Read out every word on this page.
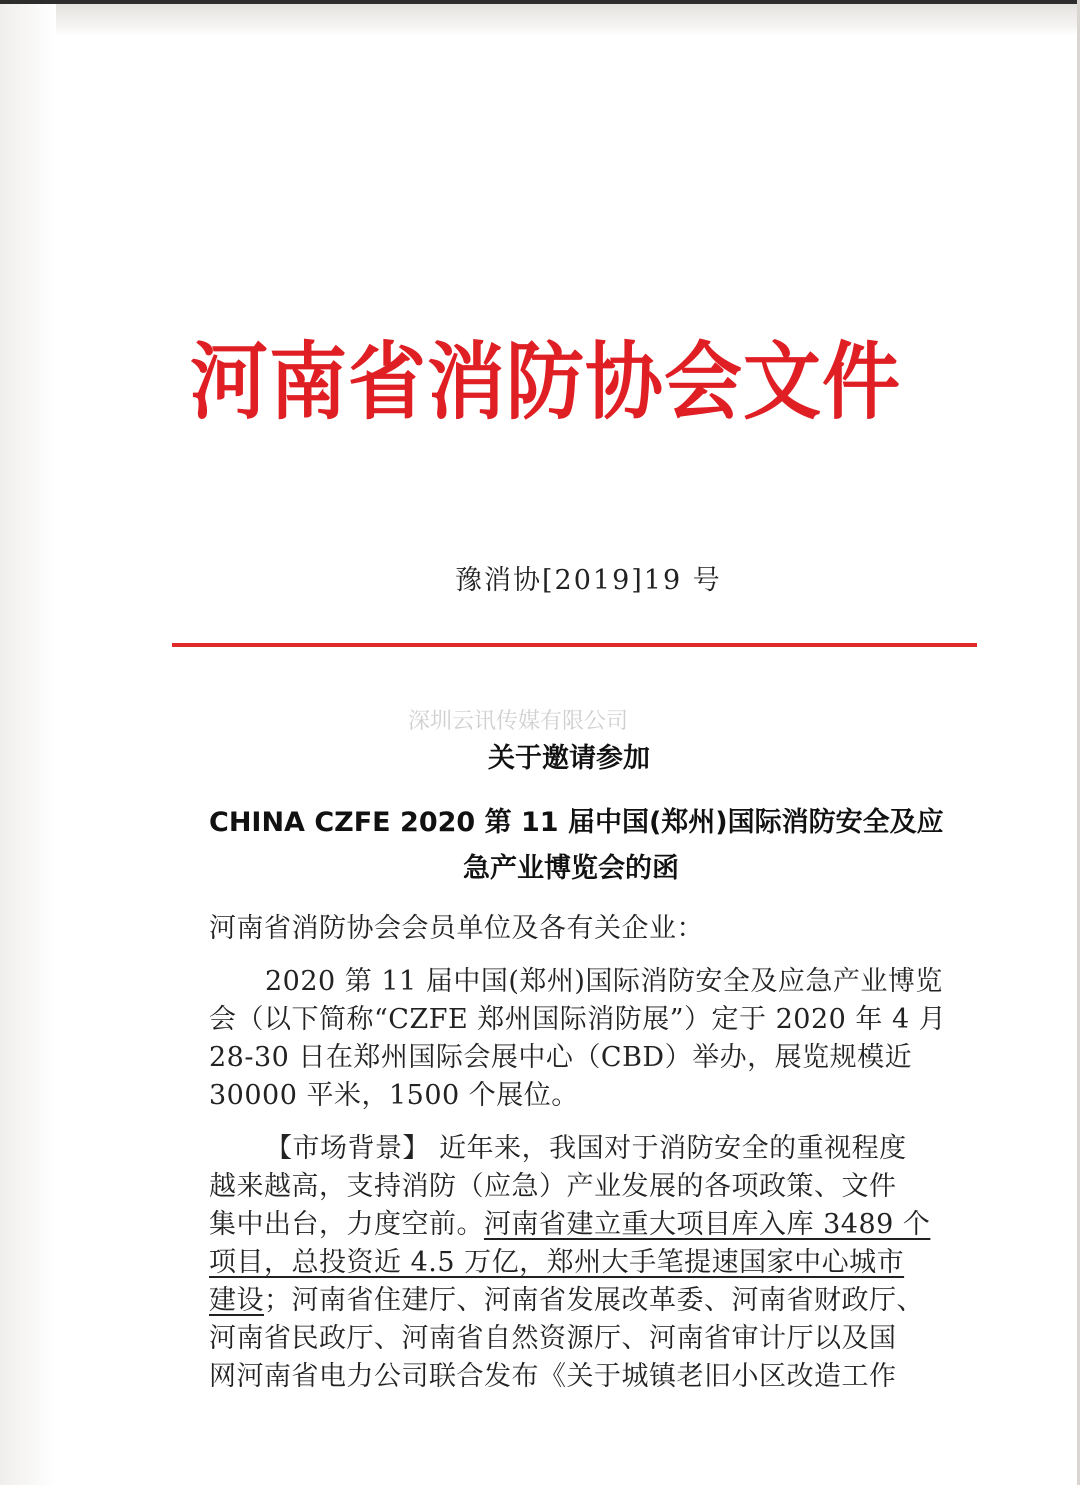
河南省消防协会文件
豫消协[2019]19 号
深圳云讯传媒有限公司
关于邀请参加
CHINA CZFE 2020 第 11 届中国(郑州)国际消防安全及应
急产业博览会的函
河南省消防协会会员单位及各有关企业：
2020 第 11 届中国(郑州)国际消防安全及应急产业博览
会（以下简称“CZFE 郑州国际消防展”）定于 2020 年 4 月
28-30 日在郑州国际会展中心（CBD）举办，展览规模近
30000 平米，1500 个展位。
【市场背景】 近年来，我国对于消防安全的重视程度
越来越高，支持消防（应急）产业发展的各项政策、文件
集中出台，力度空前。河南省建立重大项目库入库 3489 个
项目，总投资近 4.5 万亿，郑州大手笔提速国家中心城市
建设；河南省住建厅、河南省发展改革委、河南省财政厅、
河南省民政厅、河南省自然资源厅、河南省审计厅以及国
网河南省电力公司联合发布《关于城镇老旧小区改造工作
